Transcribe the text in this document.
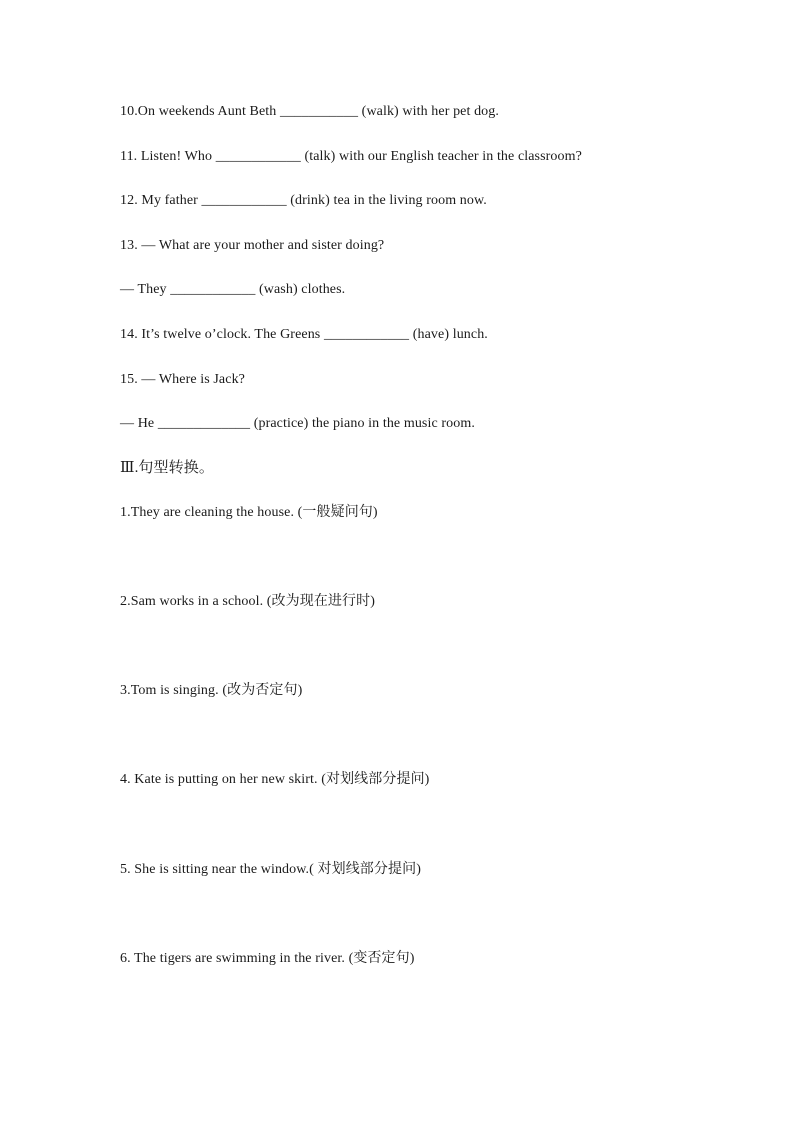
10.On weekends Aunt Beth ___________ (walk) with her pet dog.
11. Listen! Who ____________ (talk) with our English teacher in the classroom?
12. My father ____________ (drink) tea in the living room now.
13. — What are your mother and sister doing?
— They ____________ (wash) clothes.
14. It’s twelve o’clock. The Greens ____________ (have) lunch.
15. — Where is Jack?
— He _____________ (practice) the piano in the music room.
Ⅲ.句型转换。
1.They are cleaning the house. (一般疑问句)
2.Sam works in a school. (改为现在进行时)
3.Tom is singing. (改为否定句)
4. Kate is putting on her new skirt. (对划线部分提问)
5. She is sitting near the window.( 对划线部分提问)
6. The tigers are swimming in the river. (变否定句)
